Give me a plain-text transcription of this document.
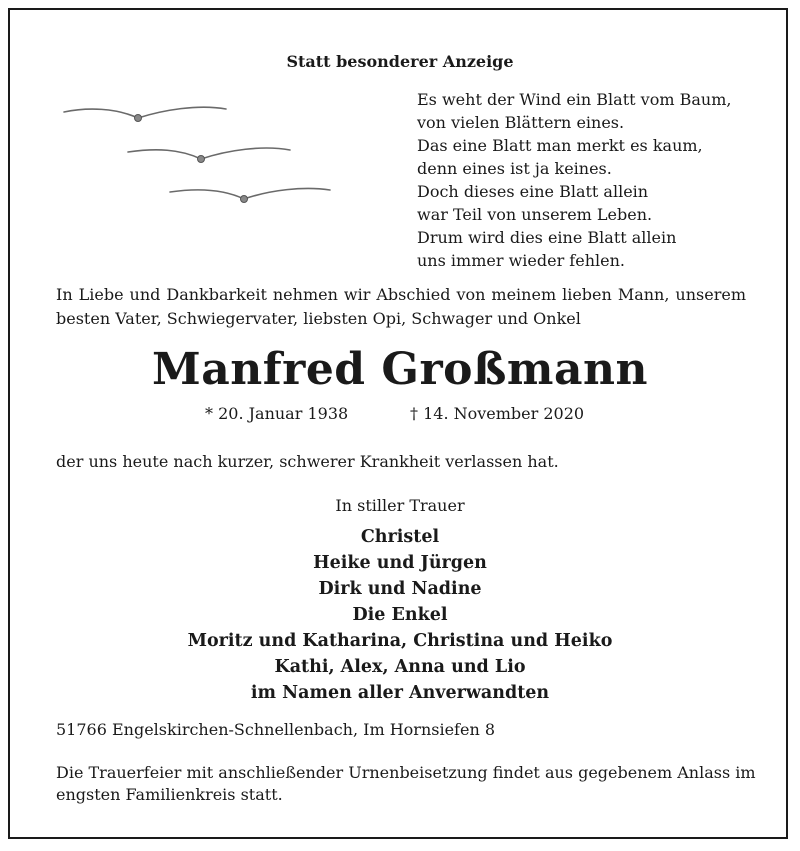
Statt besonderer Anzeige
Es weht der Wind ein Blatt vom Baum,
von vielen Blättern eines.
Das eine Blatt man merkt es kaum,
denn eines ist ja keines.
Doch dieses eine Blatt allein
war Teil von unserem Leben.
Drum wird dies eine Blatt allein
uns immer wieder fehlen.
In Liebe und Dankbarkeit nehmen wir Abschied von meinem lieben Mann, unserem besten Vater, Schwiegervater, liebsten Opi, Schwager und Onkel
Manfred Großmann
* 20. Januar 1938	† 14. November 2020
der uns heute nach kurzer, schwerer Krankheit verlassen hat.
In stiller Trauer
Christel
Heike und Jürgen
Dirk und Nadine
Die Enkel
Moritz und Katharina, Christina und Heiko
Kathi, Alex, Anna und Lio
im Namen aller Anverwandten
51766 Engelskirchen-Schnellenbach, Im Hornsiefen 8
Die Trauerfeier mit anschließender Urnenbeisetzung findet aus gegebenem Anlass im engsten Familienkreis statt.
